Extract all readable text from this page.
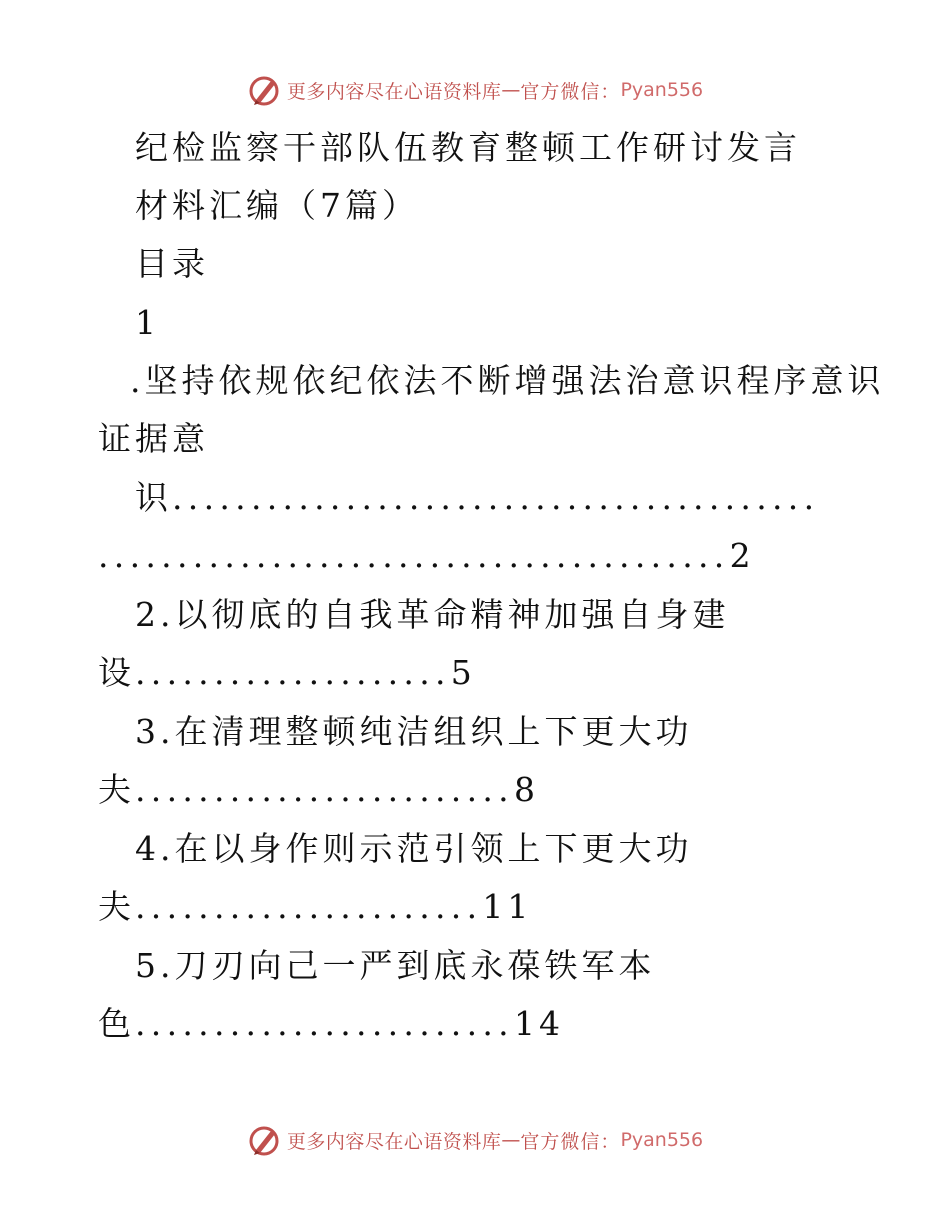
更多内容尽在心语资料库 — 官方微信： Pyan556
纪检监察干部队伍教育整顿工作研讨发言
材料汇编（7篇）
目录
1
.坚持依规依纪依法不断增强法治意识程序意识
证据意
识.........................................
........................................2
2.以彻底的自我革命精神加强自身建
设....................5
3.在清理整顿纯洁组织上下更大功
夫........................8
4.在以身作则示范引领上下更大功
夫......................11
5.刀刃向己一严到底永葆铁军本
色........................14
更多内容尽在心语资料库 — 官方微信： Pyan556
